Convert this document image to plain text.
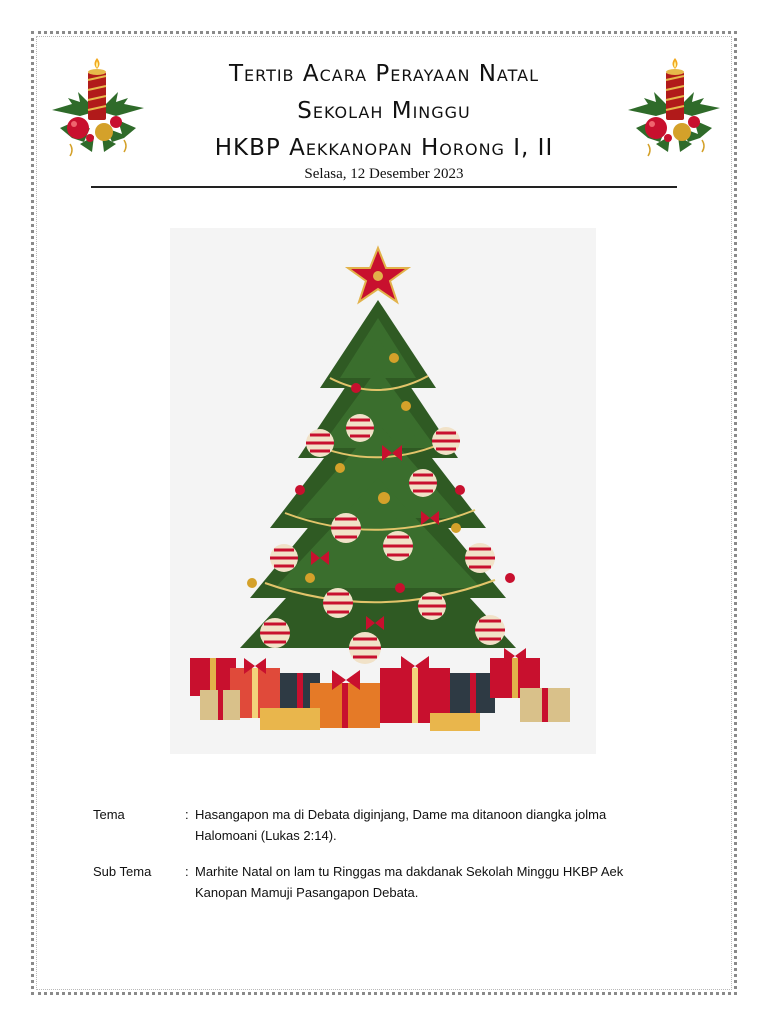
Tertib Acara Perayaan Natal
Sekolah Minggu
HKBP Aekkanopan Horong I, II
Selasa, 12 Desember 2023
Tema	: Hasangapon ma di Debata diginjang, Dame ma ditanoon diangka jolma Halomoani (Lukas 2:14).
Sub Tema	: Marhite Natal on lam tu Ringgas ma dakdanak Sekolah Minggu HKBP Aek Kanopan Mamuji Pasangapon Debata.
